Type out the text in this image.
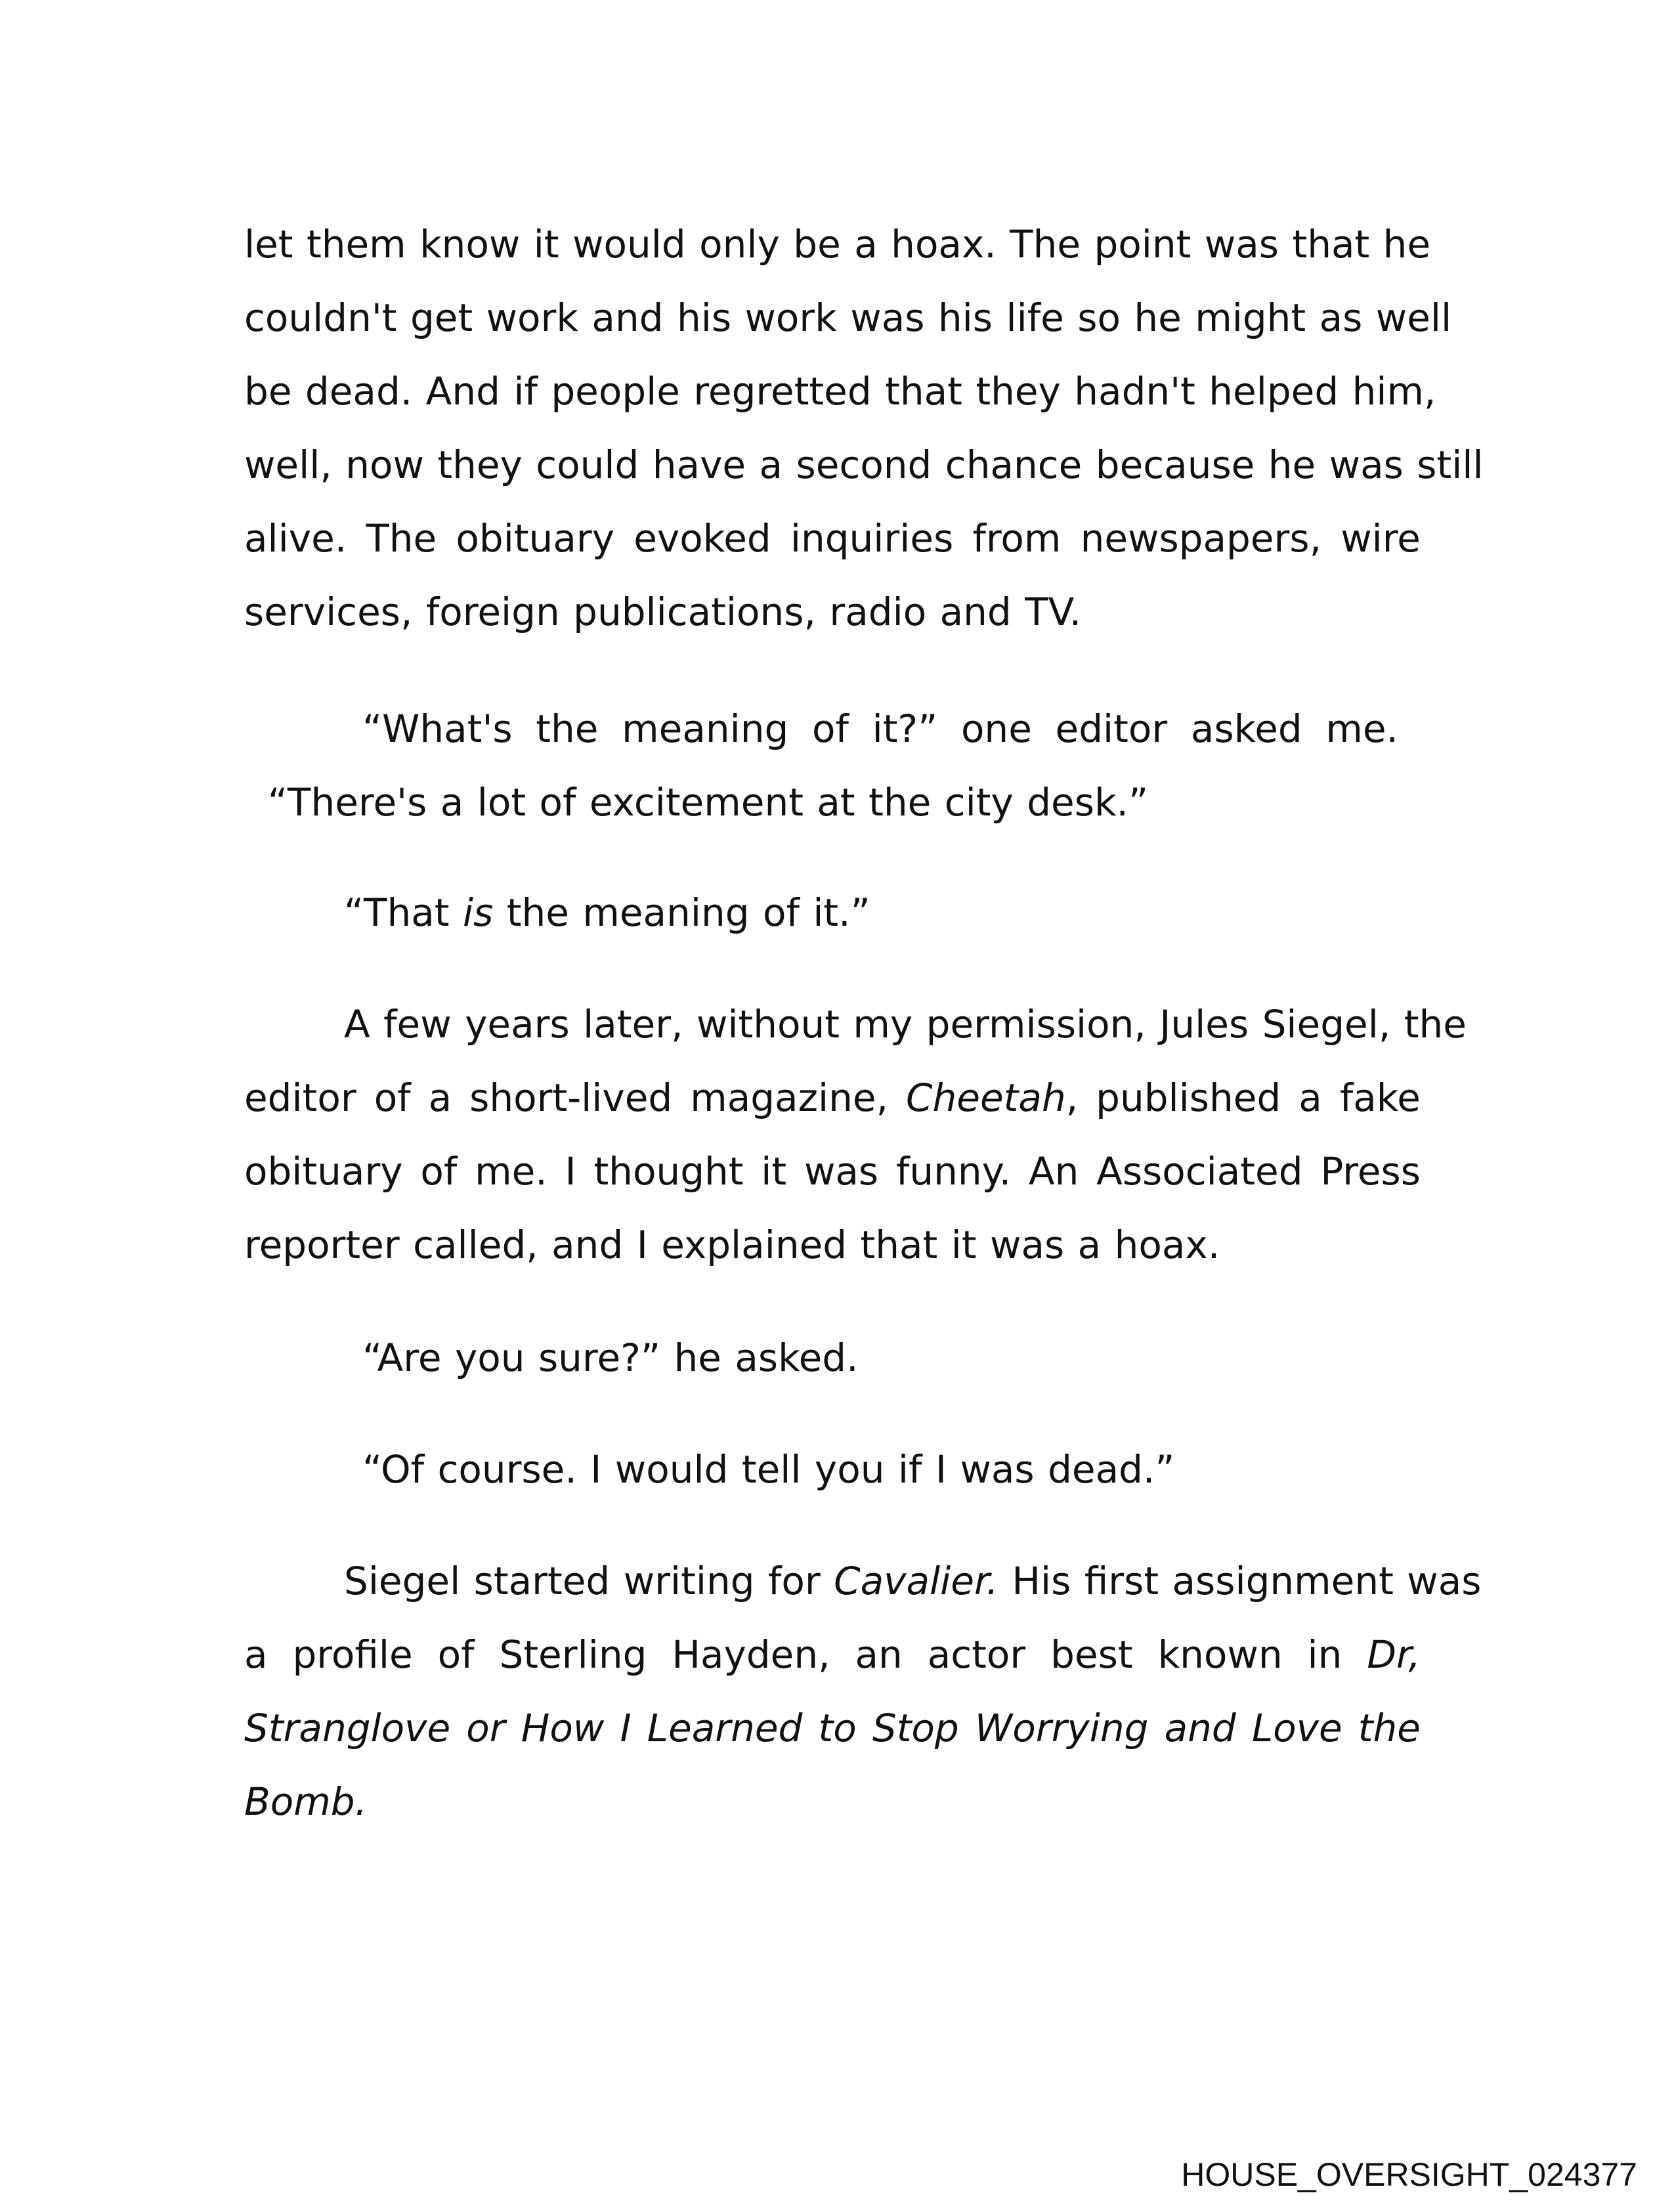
let them know it would only be a hoax. The point was that he
couldn't get work and his work was his life so he might as well
be dead. And if people regretted that they hadn't helped him,
well, now they could have a second chance because he was still
alive. The obituary evoked inquiries from newspapers, wire
services, foreign publications, radio and TV.
“What's the meaning of it?” one editor asked me.
“There's a lot of excitement at the city desk.”
“That is the meaning of it.”
A few years later, without my permission, Jules Siegel, the
editor of a short-lived magazine, Cheetah, published a fake
obituary of me. I thought it was funny. An Associated Press
reporter called, and I explained that it was a hoax.
“Are you sure?” he asked.
“Of course. I would tell you if I was dead.”
Siegel started writing for Cavalier. His first assignment was
a profile of Sterling Hayden, an actor best known in Dr,
Stranglove or How I Learned to Stop Worrying and Love the
Bomb.
HOUSE_OVERSIGHT_024377
